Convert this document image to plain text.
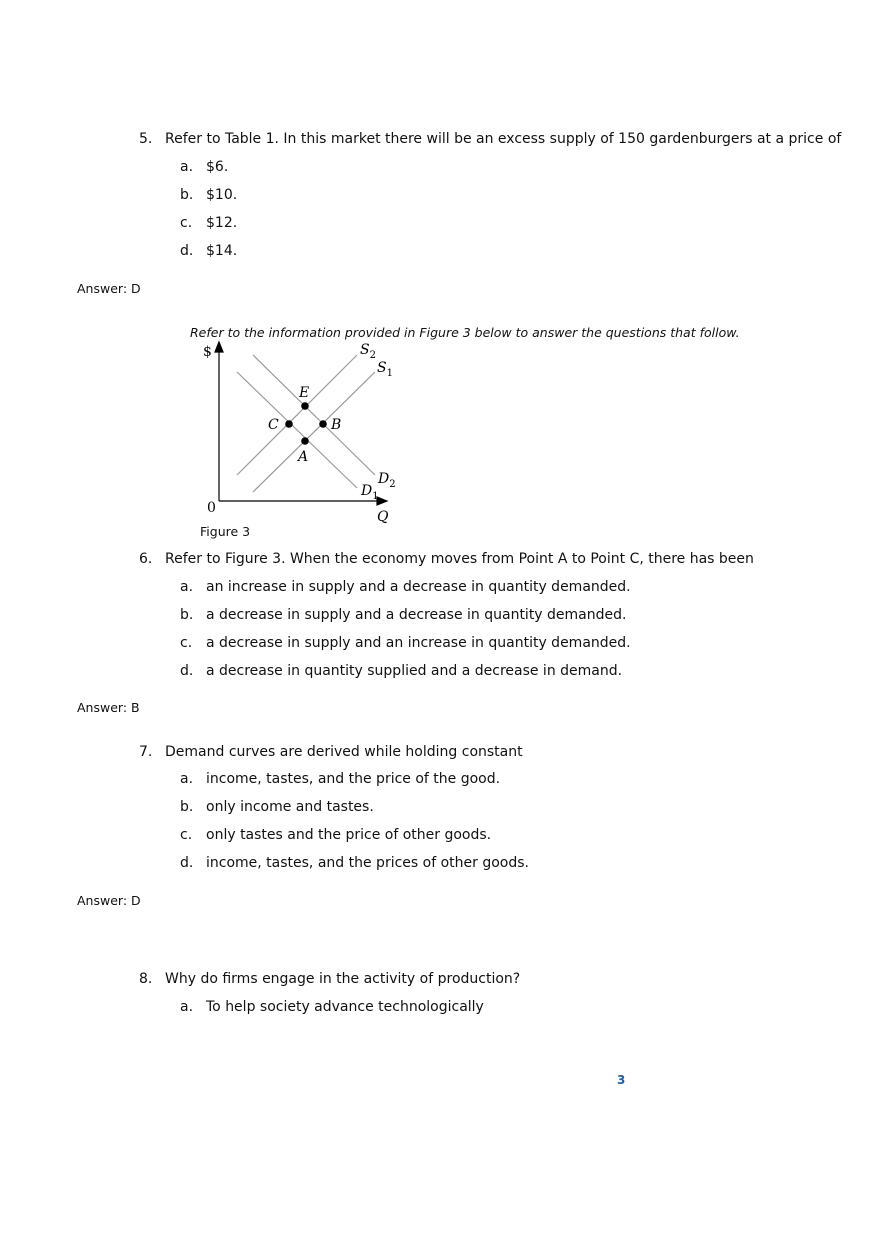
5. Refer to Table 1. In this market there will be an excess supply of 150 gardenburgers at a price of
a. $6.
b. $10.
c. $12.
d. $14.
Answer: D
Refer to the information provided in Figure 3 below to answer the questions that follow.
$
0
Q
$S_2$
$S_1$
E
C	B
A
$D_2$
$D_1$
Figure 3
6. Refer to Figure 3. When the economy moves from Point A to Point C, there has been
a. an increase in supply and a decrease in quantity demanded.
b. a decrease in supply and a decrease in quantity demanded.
c. a decrease in supply and an increase in quantity demanded.
d. a decrease in quantity supplied and a decrease in demand.
Answer: B
7. Demand curves are derived while holding constant
a. income, tastes, and the price of the good.
b. only income and tastes.
c. only tastes and the price of other goods.
d. income, tastes, and the prices of other goods.
Answer: D
8. Why do firms engage in the activity of production?
a. To help society advance technologically
3
